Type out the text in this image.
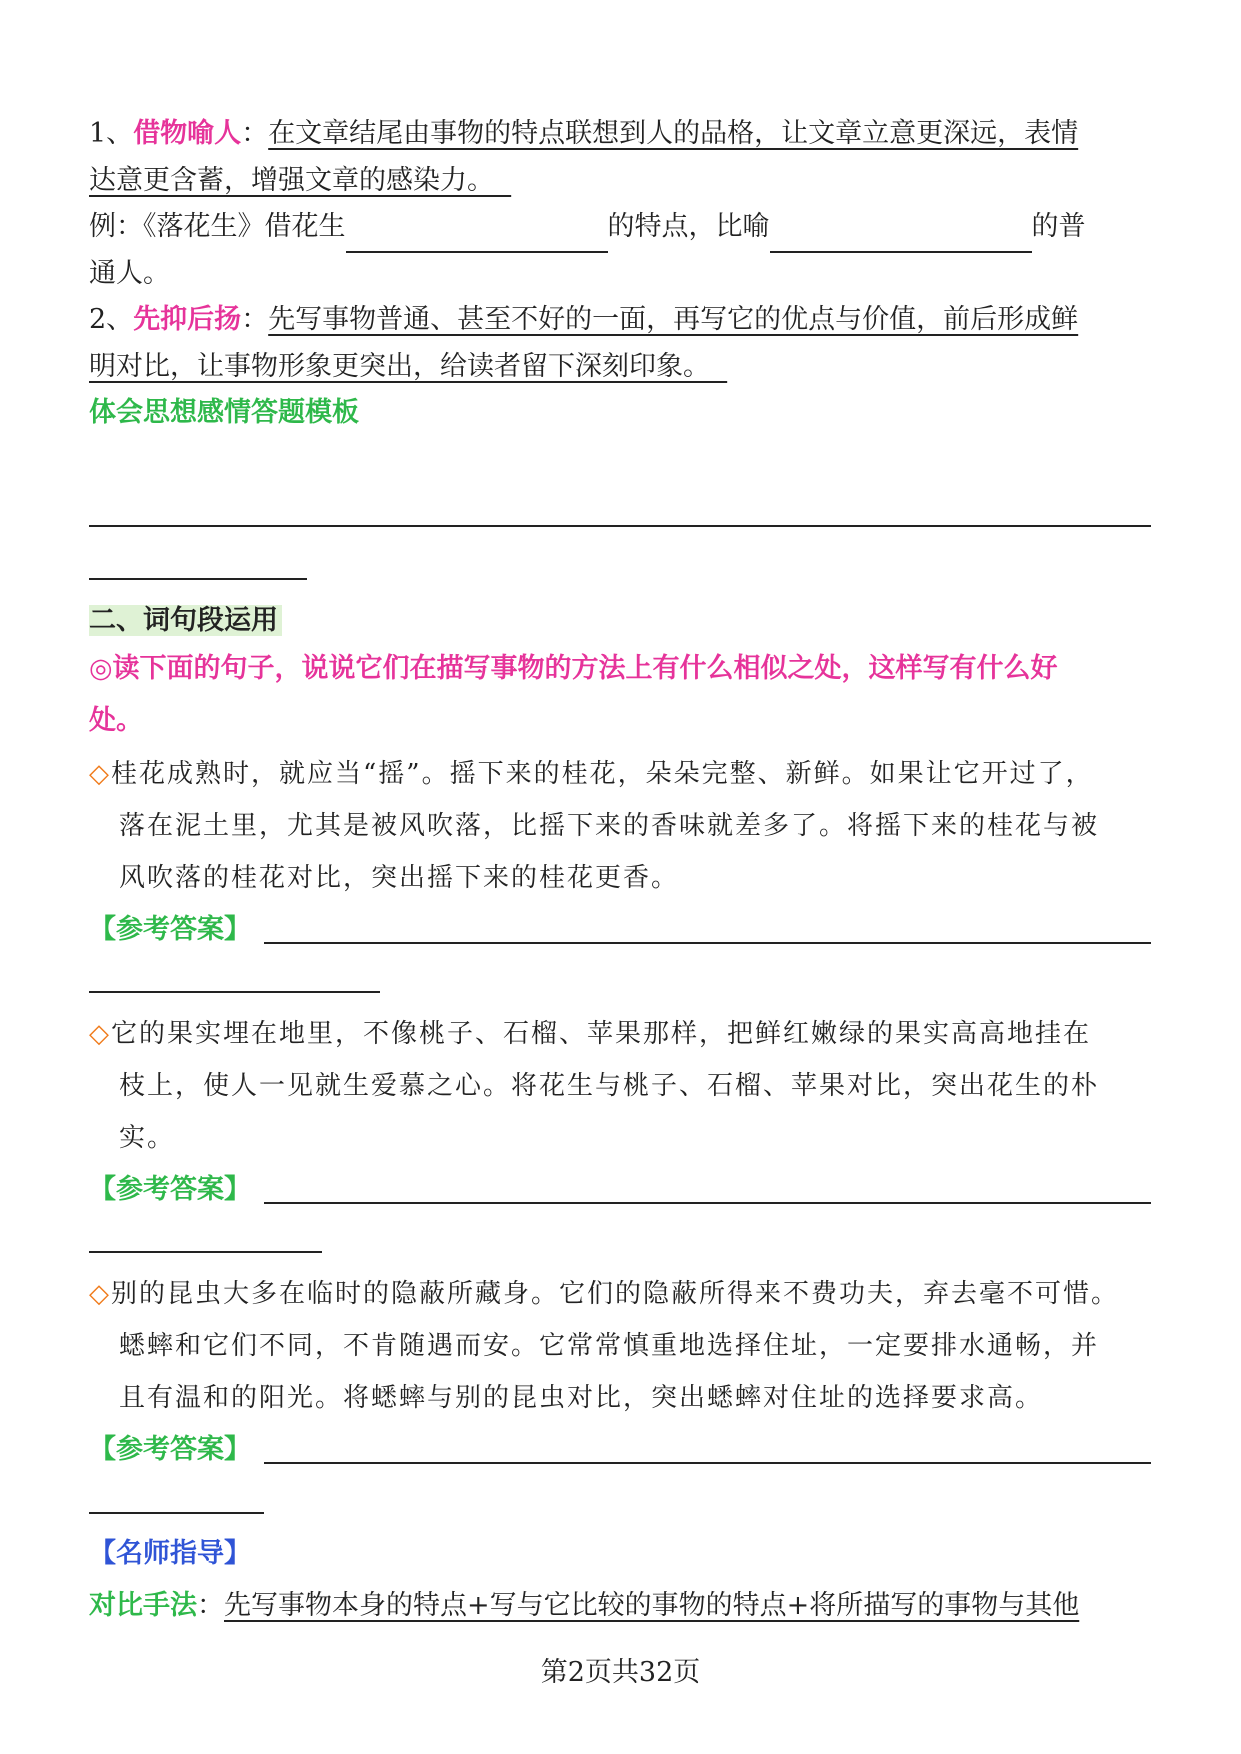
1、借物喻人：在文章结尾由事物的特点联想到人的品格，让文章立意更深远，表情
达意更含蓄，增强文章的感染力。
例：《落花生》借花生	的特点，比喻	的普
通人。
2、先抑后扬：先写事物普通、甚至不好的一面，再写它的优点与价值，前后形成鲜
明对比，让事物形象更突出，给读者留下深刻印象。
体会思想感情答题模板
二、词句段运用
◎读下面的句子，说说它们在描写事物的方法上有什么相似之处，这样写有什么好
处。
◇桂花成熟时，就应当“摇”。摇下来的桂花，朵朵完整、新鲜。如果让它开过了，
落在泥土里，尤其是被风吹落，比摇下来的香味就差多了。将摇下来的桂花与被
风吹落的桂花对比，突出摇下来的桂花更香。
【参考答案】
◇它的果实埋在地里，不像桃子、石榴、苹果那样，把鲜红嫩绿的果实高高地挂在
枝上，使人一见就生爱慕之心。将花生与桃子、石榴、苹果对比，突出花生的朴
实。
【参考答案】
◇别的昆虫大多在临时的隐蔽所藏身。它们的隐蔽所得来不费功夫，弃去毫不可惜。
蟋蟀和它们不同，不肯随遇而安。它常常慎重地选择住址，一定要排水通畅，并
且有温和的阳光。将蟋蟀与别的昆虫对比，突出蟋蟀对住址的选择要求高。
【参考答案】
【名师指导】
对比手法：先写事物本身的特点+写与它比较的事物的特点+将所描写的事物与其他
第2页共32页
